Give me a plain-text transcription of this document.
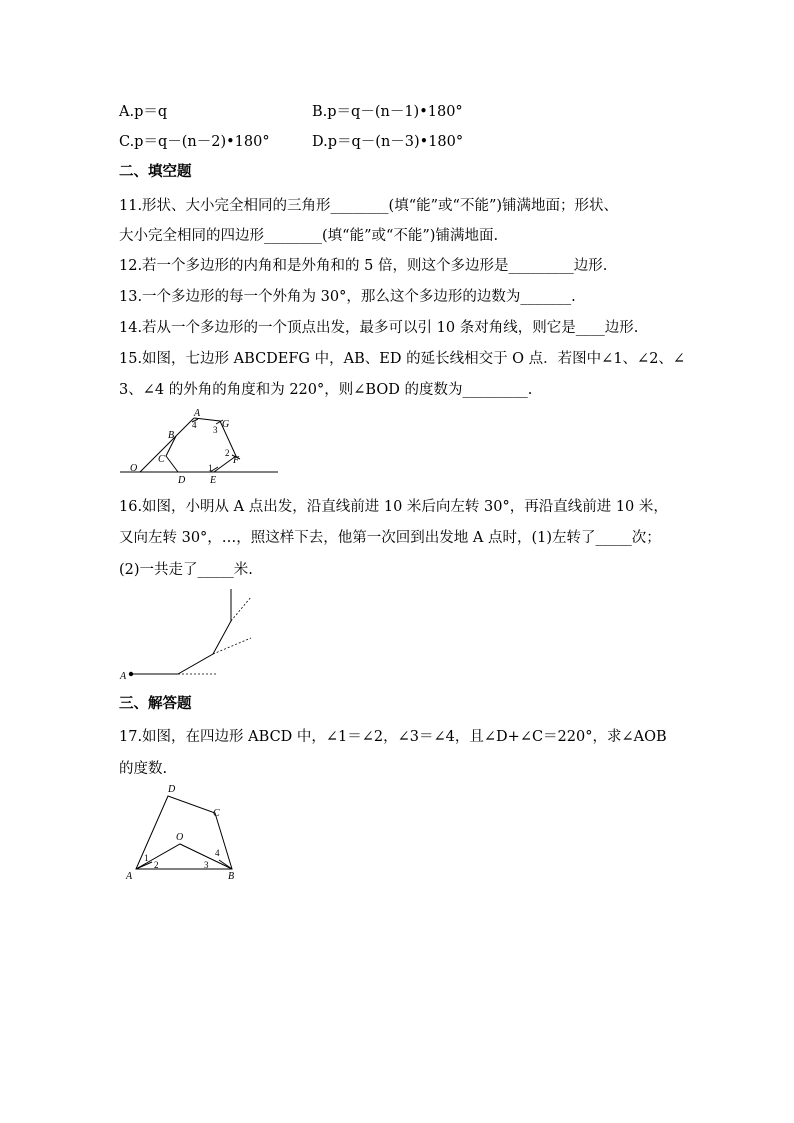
A.p＝q	B.p＝q－(n－1)•180°
C.p＝q－(n－2)•180°	D.p＝q－(n－3)•180°
二、填空题
11.形状、大小完全相同的三角形________(填“能”或“不能”)铺满地面；形状、
大小完全相同的四边形________(填“能”或“不能”)铺满地面.
12.若一个多边形的内角和是外角和的 5 倍，则这个多边形是_________边形.
13.一个多边形的每一个外角为 30°，那么这个多边形的边数为_______.
14.若从一个多边形的一个顶点出发，最多可以引 10 条对角线，则它是____边形.
15.如图，七边形 ABCDEFG 中，AB、ED 的延长线相交于 O 点．若图中∠1、∠2、∠
3、∠4 的外角的角度和为 220°，则∠BOD 的度数为_________.
A
B
C
D E
F
G
O	1
2
3
4
16.如图，小明从 A 点出发，沿直线前进 10 米后向左转 30°，再沿直线前进 10 米，
又向左转 30°，…，照这样下去，他第一次回到出发地 A 点时，(1)左转了_____次；
(2)一共走了_____米.
A
三、解答题
17.如图，在四边形 ABCD 中，∠1＝∠2，∠3＝∠4，且∠D+∠C＝220°，求∠AOB
的度数.
A	B
C
D
O
1
2	3
4
